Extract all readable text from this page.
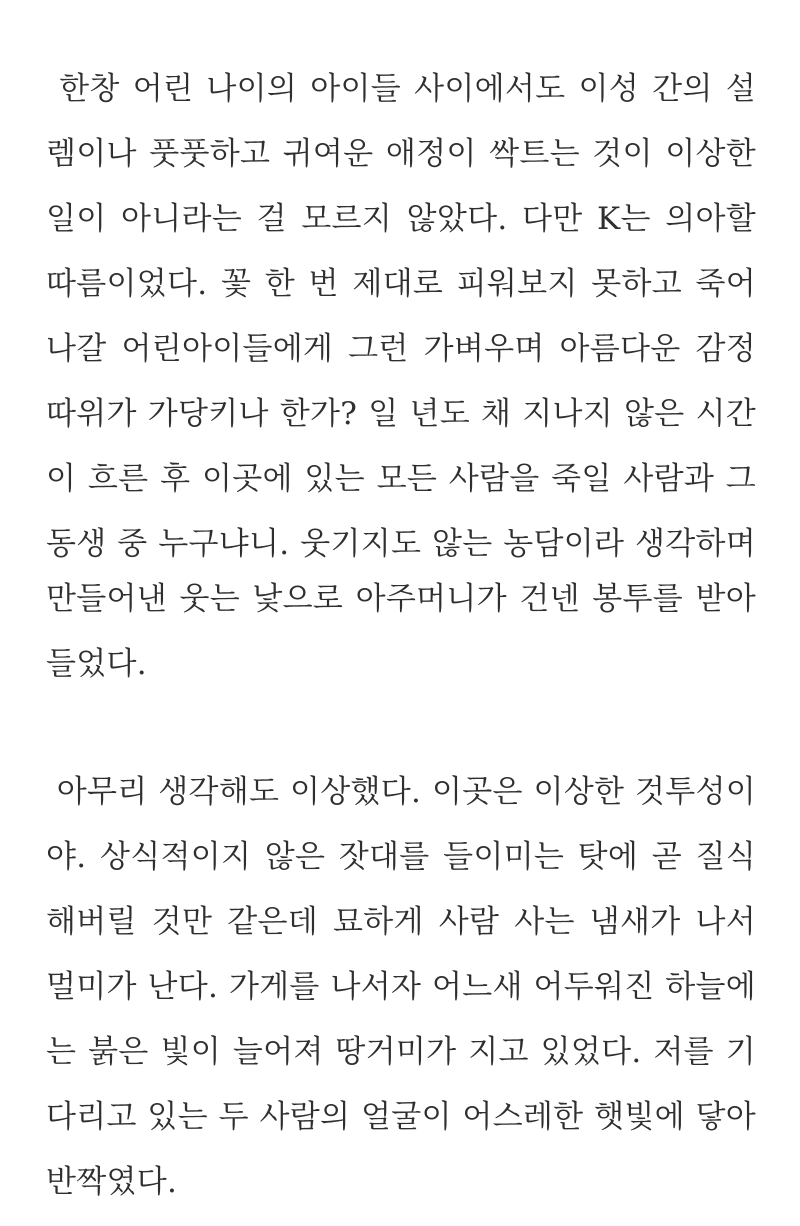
한창 어린 나이의 아이들 사이에서도 이성 간의 설
렘이나 풋풋하고 귀여운 애정이 싹트는 것이 이상한
일이 아니라는 걸 모르지 않았다. 다만 K는 의아할
따름이었다. 꽃 한 번 제대로 피워보지 못하고 죽어
나갈 어린아이들에게 그런 가벼우며 아름다운 감정
따위가 가당키나 한가? 일 년도 채 지나지 않은 시간
이 흐른 후 이곳에 있는 모든 사람을 죽일 사람과 그
동생 중 누구냐니. 웃기지도 않는 농담이라 생각하며
만들어낸 웃는 낯으로 아주머니가 건넨 봉투를 받아
들었다.
아무리 생각해도 이상했다. 이곳은 이상한 것투성이
야. 상식적이지 않은 잣대를 들이미는 탓에 곧 질식
해버릴 것만 같은데 묘하게 사람 사는 냄새가 나서
멀미가 난다. 가게를 나서자 어느새 어두워진 하늘에
는 붉은 빛이 늘어져 땅거미가 지고 있었다. 저를 기
다리고 있는 두 사람의 얼굴이 어스레한 햇빛에 닿아
반짝였다.
